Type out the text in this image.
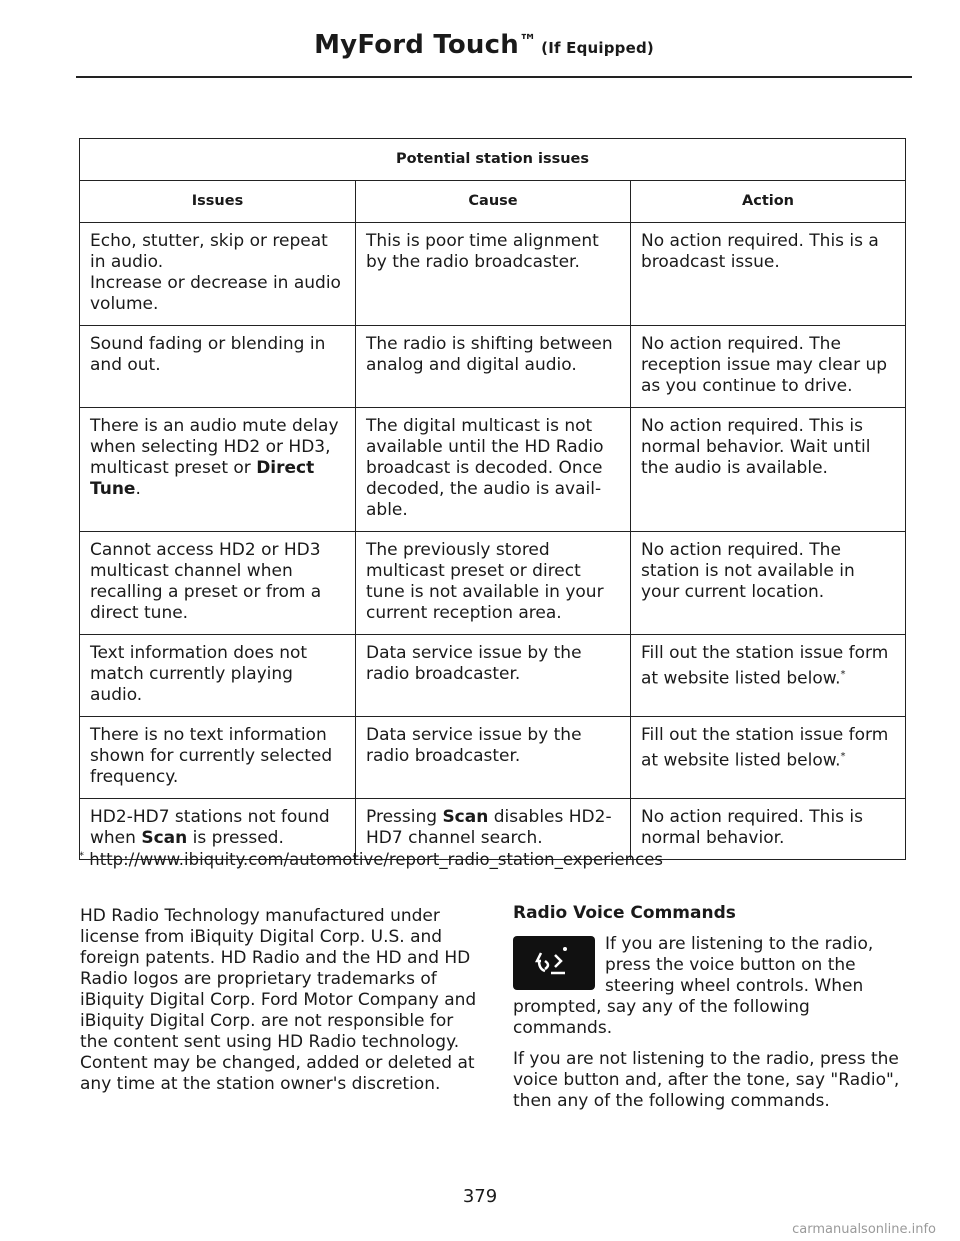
MyFord Touch™ (If Equipped)
Potential station issues		
Issues	Cause	Action

Echo, stutter, skip or repeat in audio.
Increase or decrease in audio volume.	This is poor time alignment by the radio broadcaster.	No action required. This is a broadcast issue.
Sound fading or blending in and out.	The radio is shifting between analog and digital audio.	No action required. The reception issue may clear up as you continue to drive.
There is an audio mute delay when selecting HD2 or HD3, multicast preset or Direct Tune.	The digital multicast is not available until the HD Radio broadcast is decoded. Once decoded, the audio is avail-able.	No action required. This is normal behavior. Wait until the audio is available.
Cannot access HD2 or HD3 multicast channel when recalling a preset or from a direct tune.	The previously stored multicast preset or direct tune is not available in your current reception area.	No action required. The station is not available in your current location.
Text information does not match currently playing audio.	Data service issue by the radio broadcaster.	Fill out the station issue form at website listed below.*
There is no text information shown for currently selected frequency.	Data service issue by the radio broadcaster.	Fill out the station issue form at website listed below.*
HD2-HD7 stations not found when Scan is pressed.	Pressing Scan disables HD2-HD7 channel search.	No action required. This is normal behavior.
* http://www.ibiquity.com/automotive/report_radio_station_experiences
HD Radio Technology manufactured under license from iBiquity Digital Corp. U.S. and foreign patents. HD Radio and the HD and HD Radio logos are proprietary trademarks of iBiquity Digital Corp. Ford Motor Company and iBiquity Digital Corp. are not responsible for the content sent using HD Radio technology. Content may be changed, added or deleted at any time at the station owner's discretion.
Radio Voice Commands

If you are listening to the radio, press the voice button on the steering wheel controls. When prompted, say any of the following commands.

If you are not listening to the radio, press the voice button and, after the tone, say "Radio", then any of the following commands.

379
carmanualsonline.info
